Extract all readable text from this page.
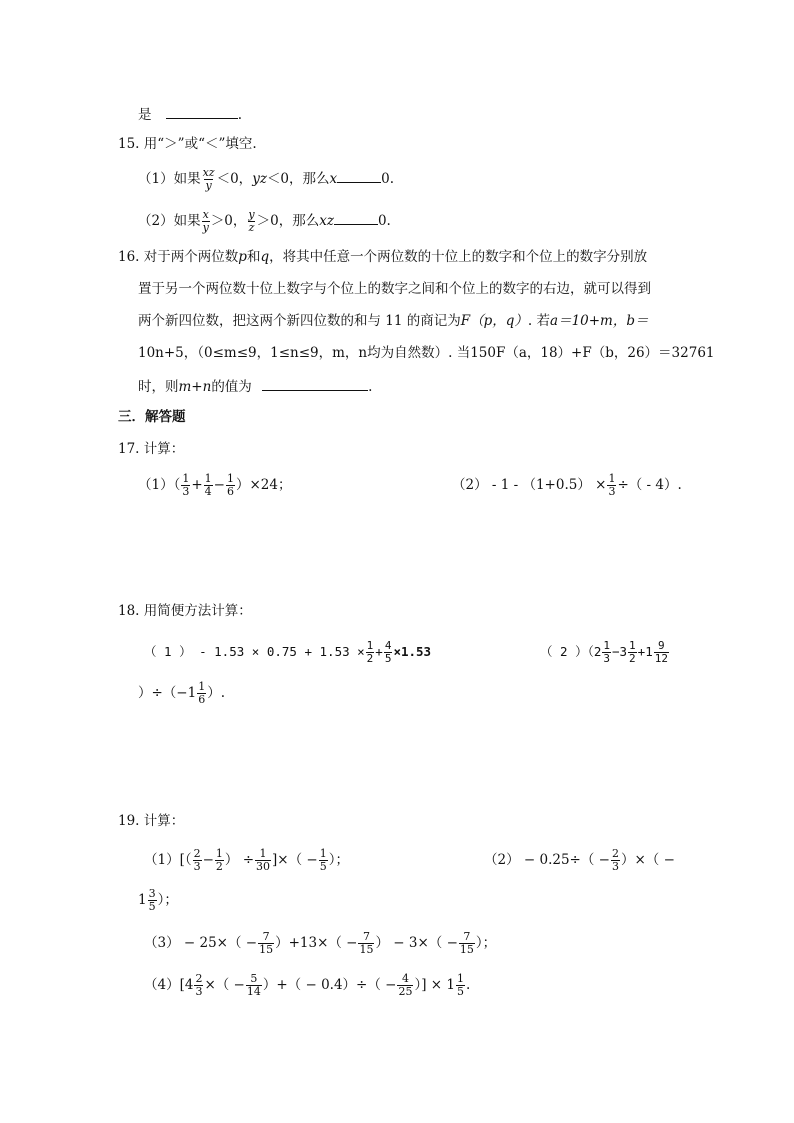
是	.
15. 用“＞”或“＜”填空.
（1）如果 $\frac{xz}{y} <0$，yz＜0，那么x	0.
（2）如果 $\frac{x}{y} >0$， $\frac{y}{z} >0$，那么xz	0.
16. 对于两个两位数p和q，将其中任意一个两位数的十位上的数字和个位上的数字分别放
置于另一个两位数十位上数字与个位上的数字之间和个位上的数字的右边，就可以得到
两个新四位数，把这两个新四位数的和与 11 的商记为F（p，q）. 若a＝10+m，b＝
10n+5，（0≤m≤9，1≤n≤9，m，n均为自然数）. 当150F（a，18）+F（b，26）＝32761
时，则m+n的值为	.
三．解答题
17. 计算：
$(1)( \frac{1}{3} + \frac{1}{4} - \frac{1}{6} )\times 24$；	$(2) - 1 - (1+0.5) \times \frac{1}{3}$ ÷（ - 4）.
18. 用简便方法计算：
（ 1 ） - $1.53 \times 0.75 + 1.53 \times \frac{1}{2} + \frac{4}{5} \times 1.53$	（ 2 ）（$2 \frac{1}{3} -3 \frac{1}{2} +1 \frac{9}{12}$
）$\div(-1 \frac{1}{6}$ ）.
19. 计算：
$(1)[( \frac{2}{3} - \frac{1}{2}$ ） ÷ $\frac{1}{30}$ ]×（ − $\frac{1}{5}$ ）；	$(2) - 0.25\div( - \frac{2}{3}$ ）×（ −
$1 \frac{3}{5}$ ）；
$(3) - 25\times( - \frac{7}{15} )+13\times( - \frac{7}{15}$ ） − $3\times( - \frac{7}{15}$ ）；
$(4)[4 \frac{2}{3}$ ×（ − $\frac{5}{14}$ ）+（ − $0.4)\div( - \frac{4}{25}$ ）] × $1 \frac{1}{5}$ .
